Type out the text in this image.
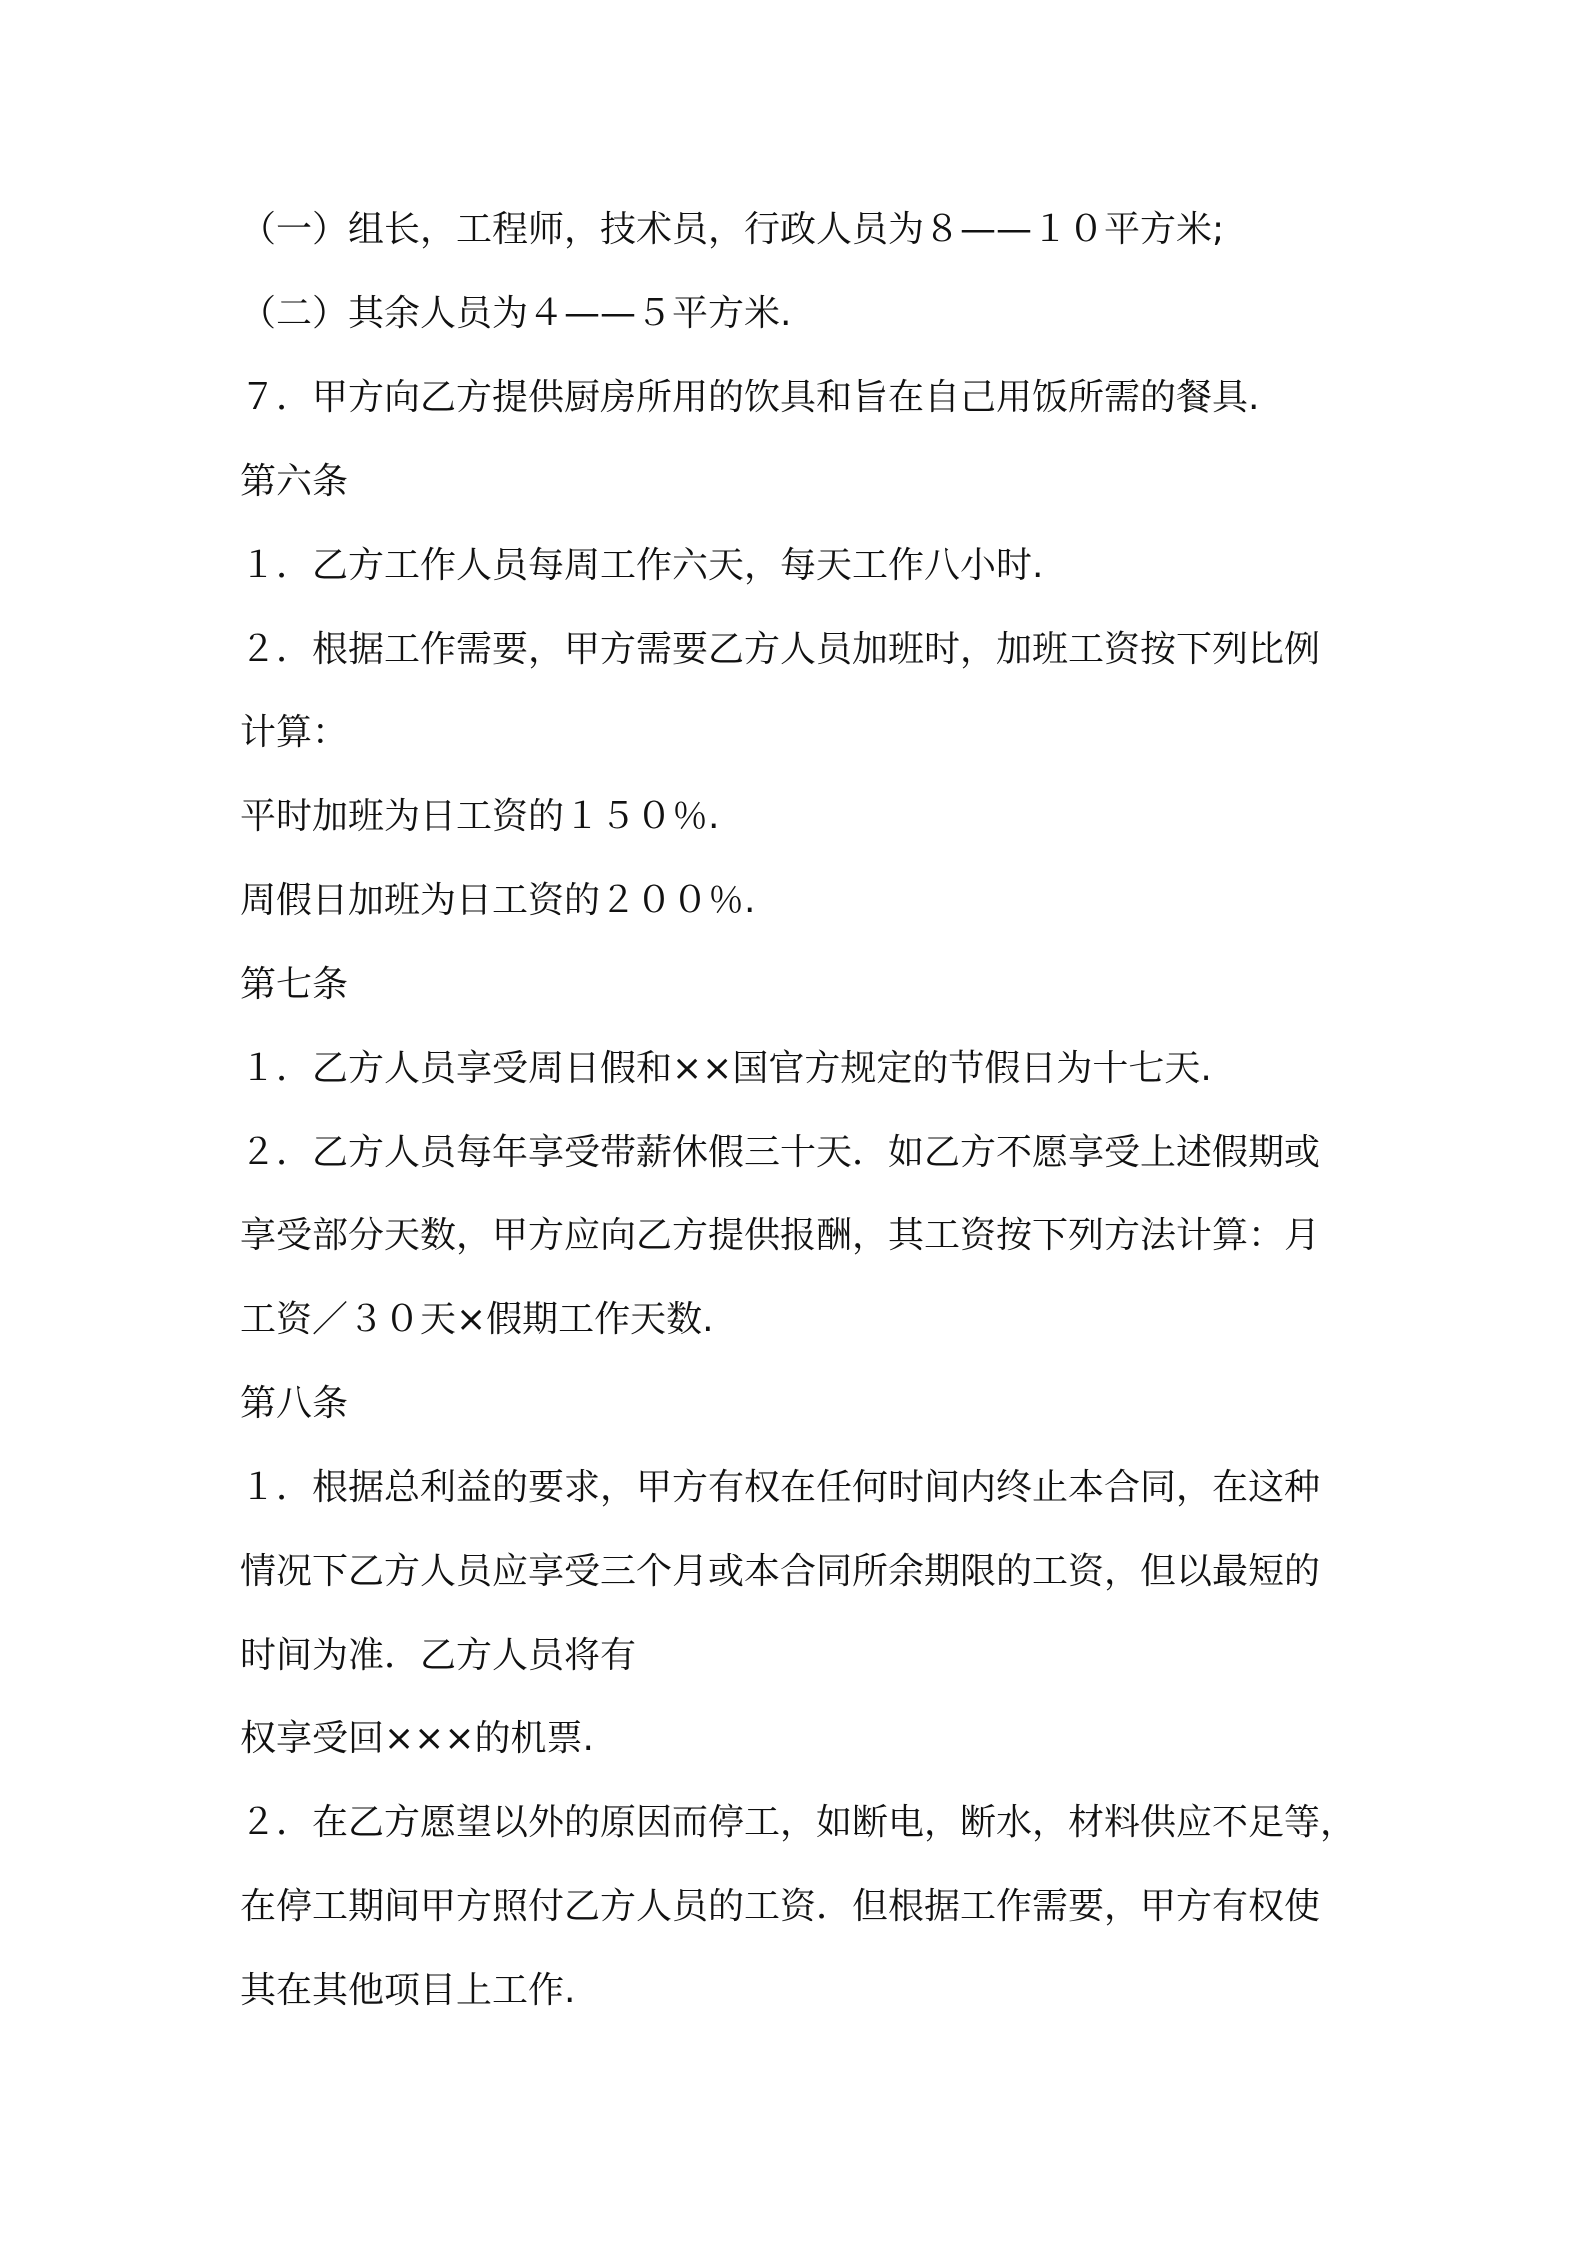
（一）组长，工程师，技术员，行政人员为８——１０平方米;
（二）其余人员为４——５平方米.
７．甲方向乙方提供厨房所用的饮具和旨在自己用饭所需的餐具.
第六条
１．乙方工作人员每周工作六天，每天工作八小时.
２．根据工作需要，甲方需要乙方人员加班时，加班工资按下列比例
计算：
平时加班为日工资的１５０％.
周假日加班为日工资的２００％.
第七条
１．乙方人员享受周日假和××国官方规定的节假日为十七天.
２．乙方人员每年享受带薪休假三十天．如乙方不愿享受上述假期或
享受部分天数，甲方应向乙方提供报酬，其工资按下列方法计算：月
工资／３０天×假期工作天数.
第八条
１．根据总利益的要求，甲方有权在任何时间内终止本合同，在这种
情况下乙方人员应享受三个月或本合同所余期限的工资，但以最短的
时间为准．乙方人员将有
权享受回×××的机票.
２．在乙方愿望以外的原因而停工，如断电，断水，材料供应不足等，
在停工期间甲方照付乙方人员的工资．但根据工作需要，甲方有权使
其在其他项目上工作.
